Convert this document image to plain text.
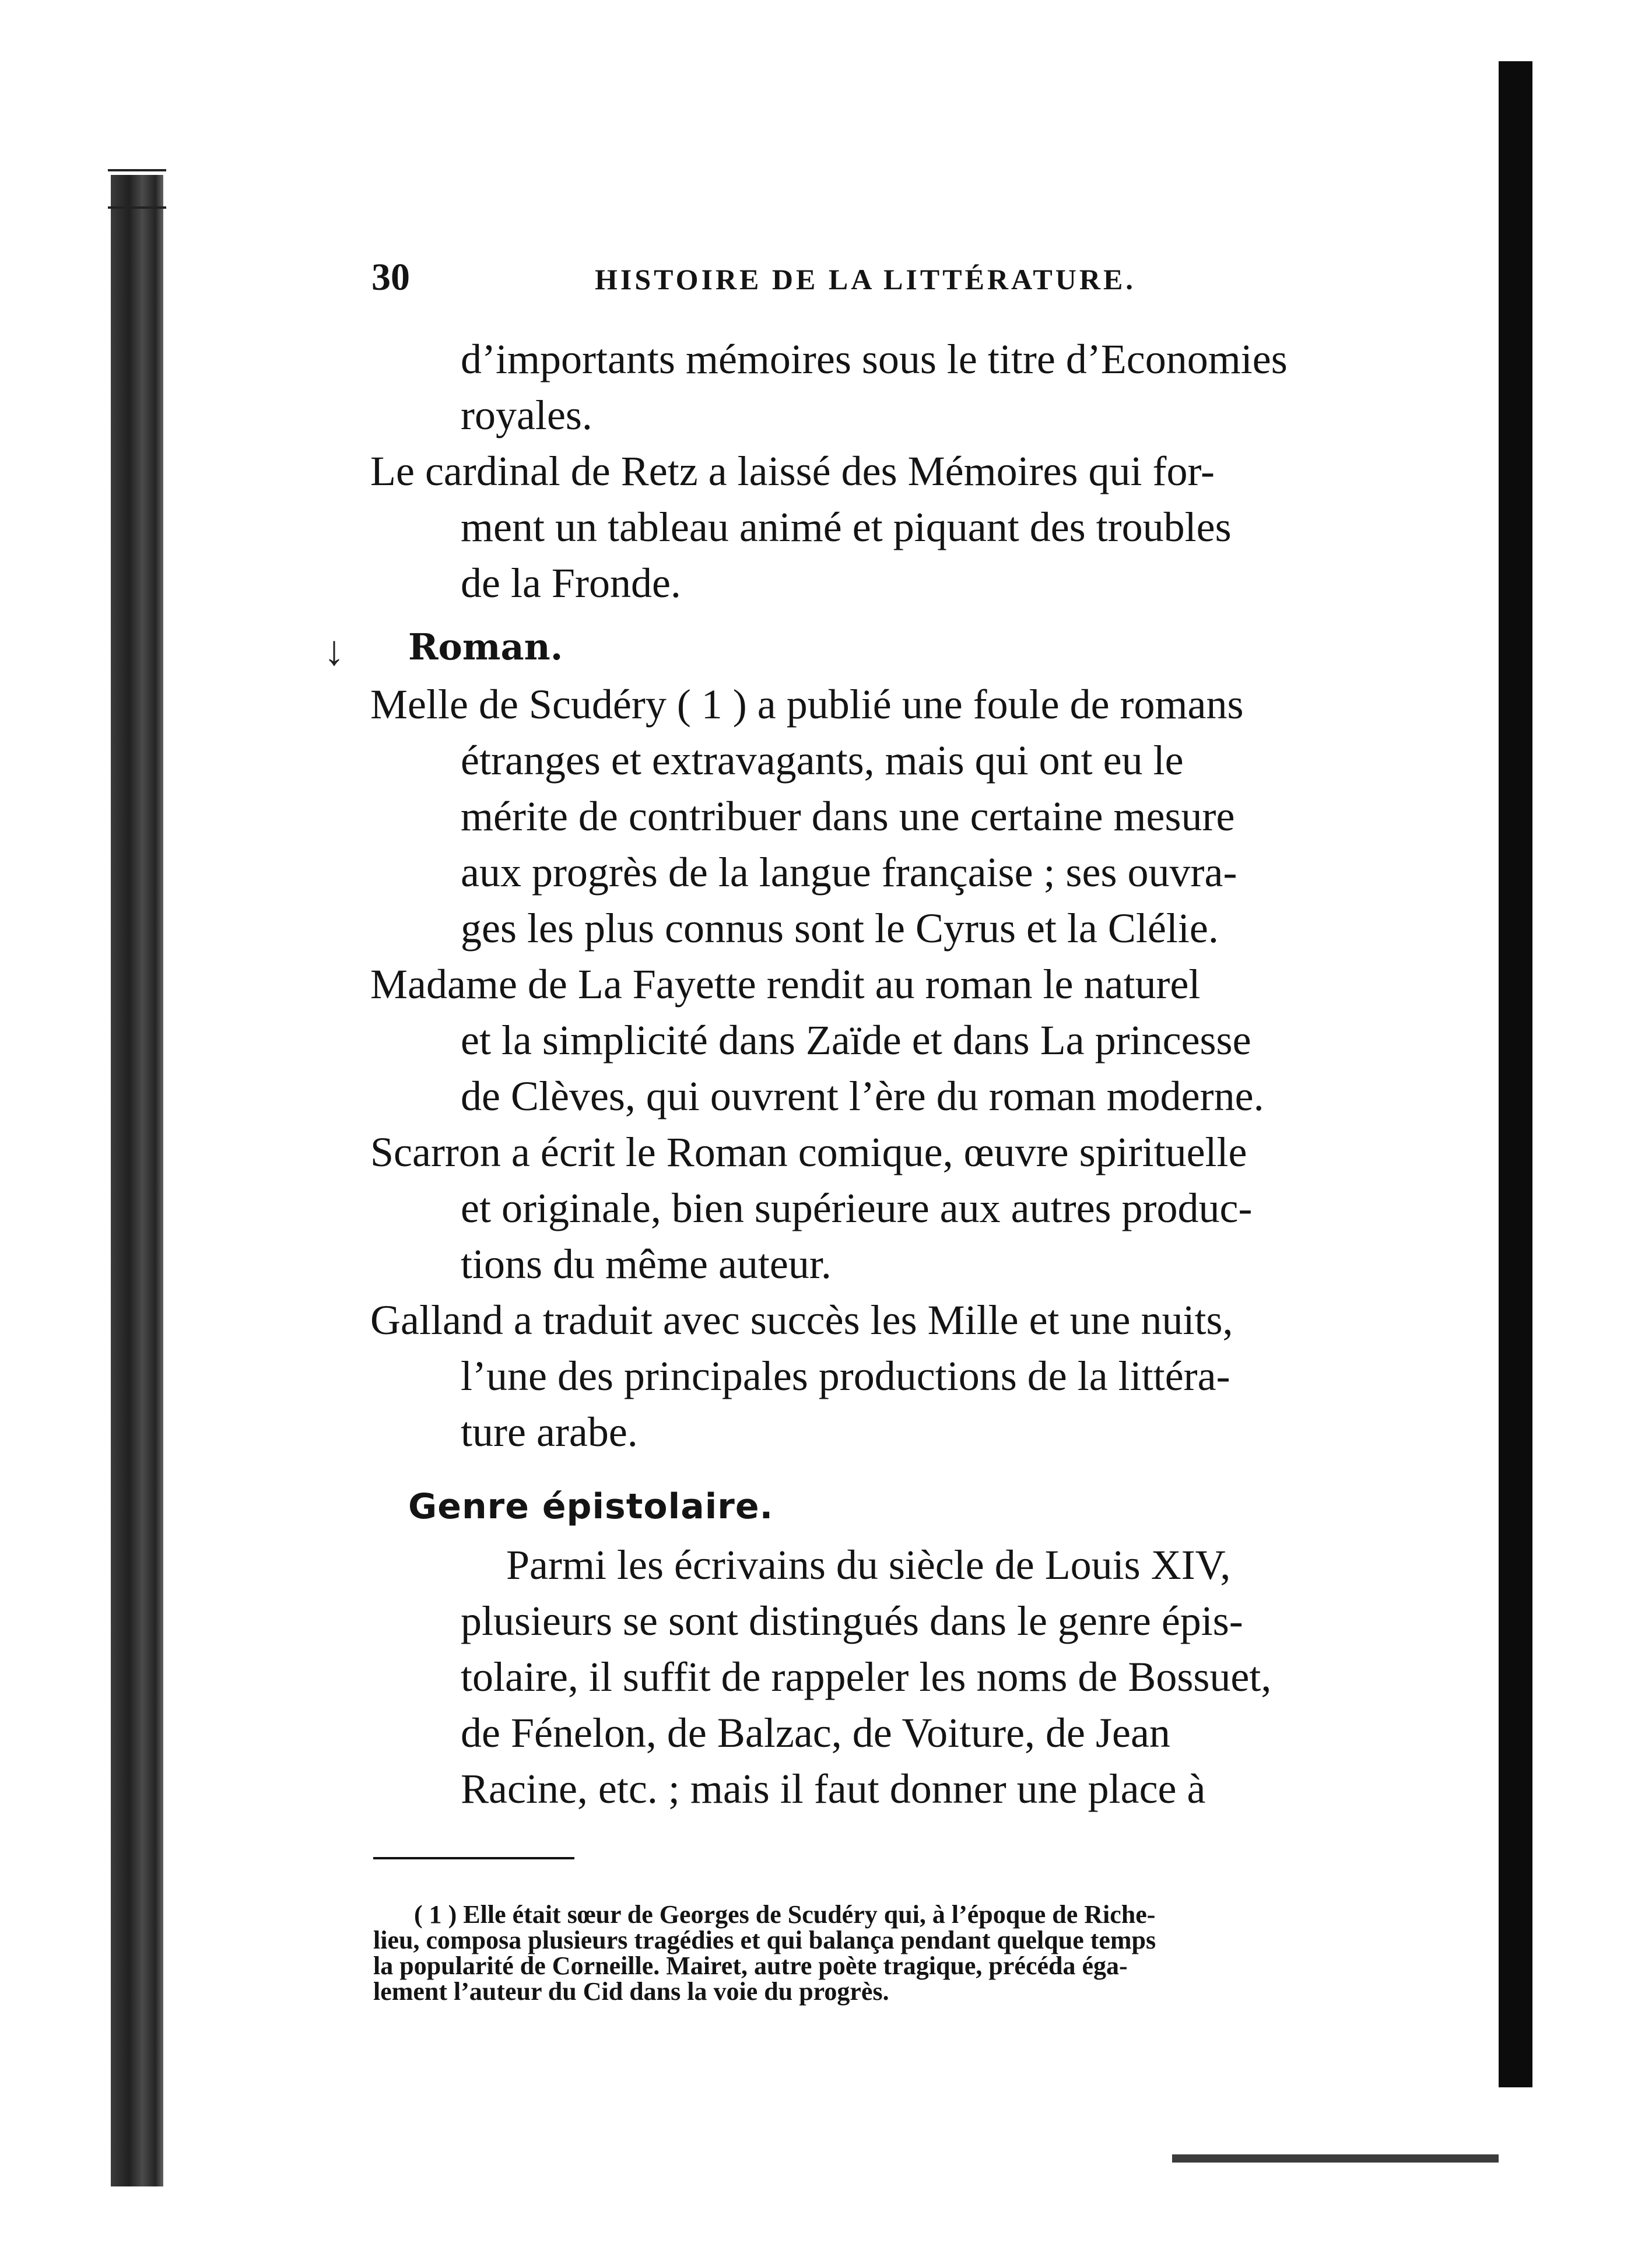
30	HISTOIRE DE LA LITTÉRATURE.
d’importants mémoires sous le titre d’Economies
royales.
Le cardinal de Retz a laissé des Mémoires qui for-
ment un tableau animé et piquant des troubles
de la Fronde.
↓ Roman.
Melle de Scudéry ( 1 ) a publié une foule de romans
étranges et extravagants, mais qui ont eu le
mérite de contribuer dans une certaine mesure
aux progrès de la langue française ; ses ouvra-
ges les plus connus sont le Cyrus et la Clélie.
Madame de La Fayette rendit au roman le naturel
et la simplicité dans Zaïde et dans La princesse
de Clèves, qui ouvrent l’ère du roman moderne.
Scarron a écrit le Roman comique, œuvre spirituelle
et originale, bien supérieure aux autres produc-
tions du même auteur.
Galland a traduit avec succès les Mille et une nuits,
l’une des principales productions de la littéra-
ture arabe.
Genre épistolaire.
Parmi les écrivains du siècle de Louis XIV,
plusieurs se sont distingués dans le genre épis-
tolaire, il suffit de rappeler les noms de Bossuet,
de Fénelon, de Balzac, de Voiture, de Jean
Racine, etc. ; mais il faut donner une place à
( 1 ) Elle était sœur de Georges de Scudéry qui, à l’époque de Riche-
lieu, composa plusieurs tragédies et qui balança pendant quelque temps
la popularité de Corneille. Mairet, autre poète tragique, précéda éga-
lement l’auteur du Cid dans la voie du progrès.
